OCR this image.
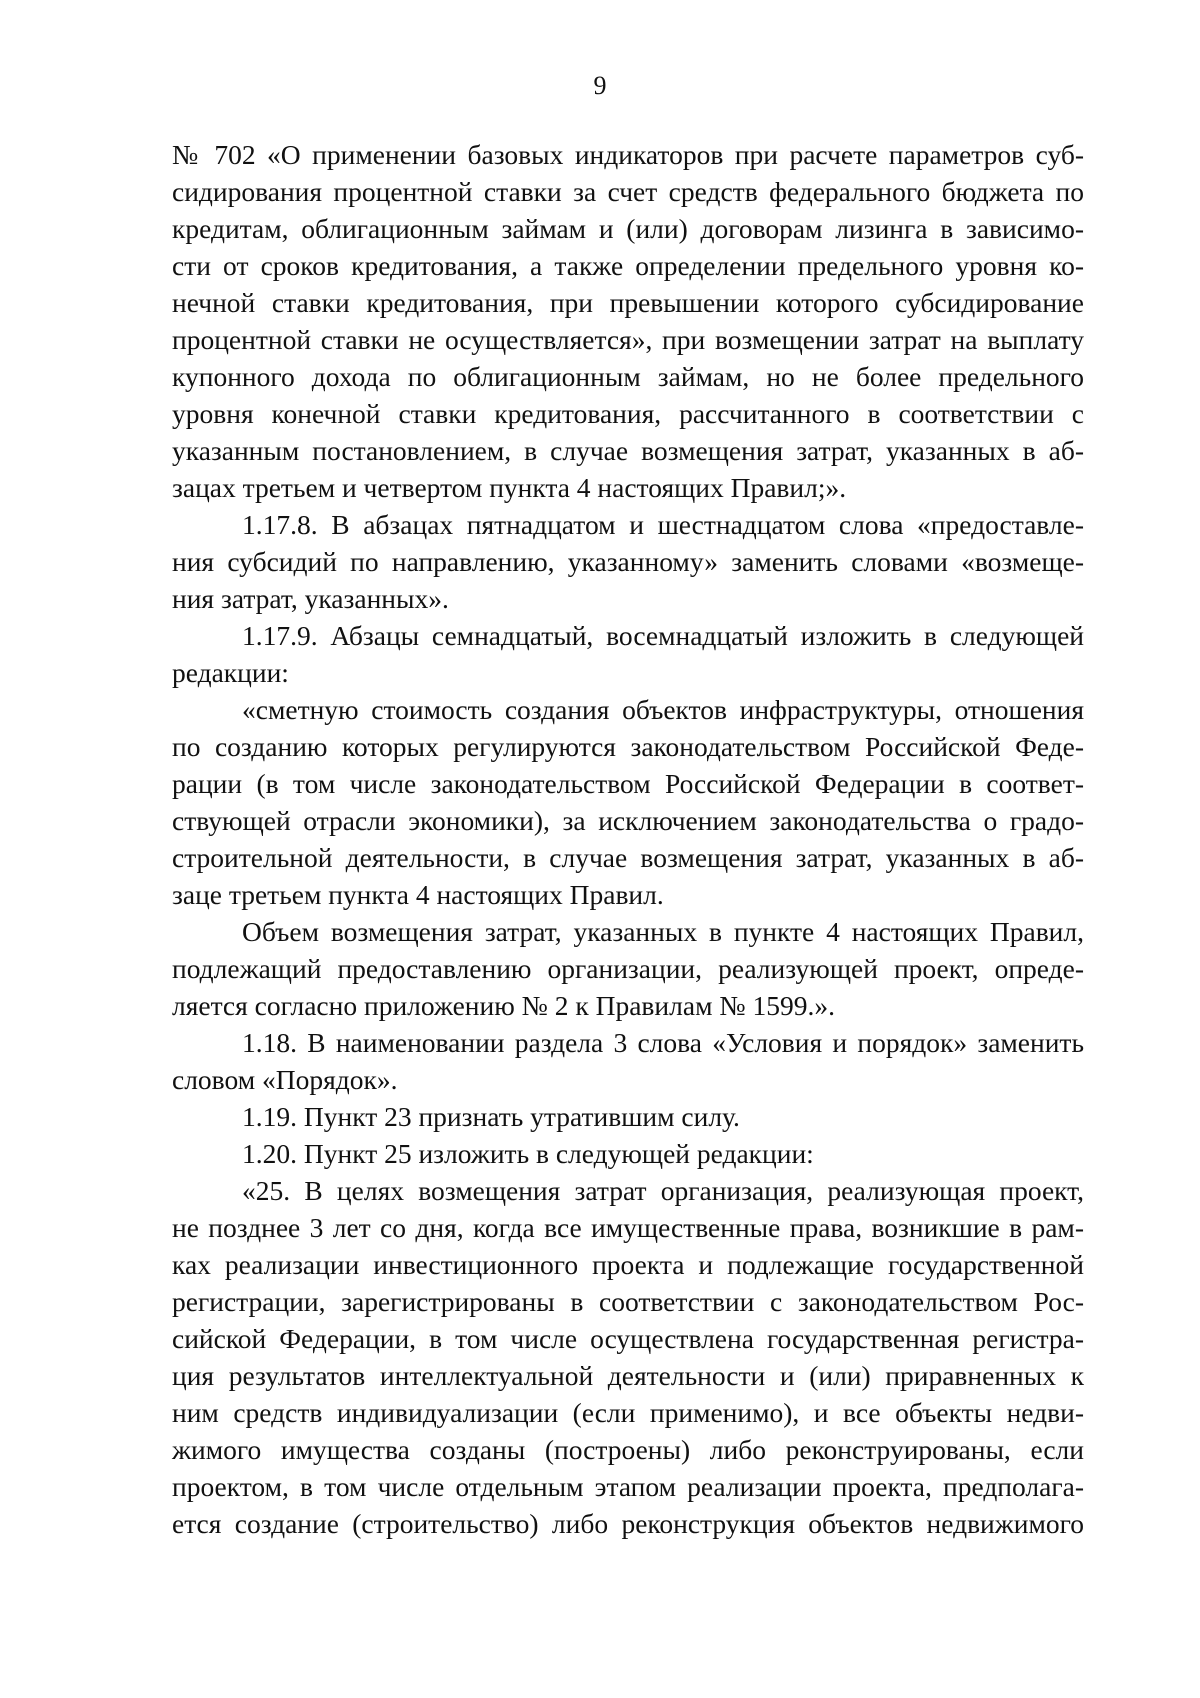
9
№ 702 «О применении базовых индикаторов при расчете параметров суб-
сидирования процентной ставки за счет средств федерального бюджета по
кредитам, облигационным займам и (или) договорам лизинга в зависимо-
сти от сроков кредитования, а также определении предельного уровня ко-
нечной ставки кредитования, при превышении которого субсидирование
процентной ставки не осуществляется», при возмещении затрат на выплату
купонного дохода по облигационным займам, но не более предельного
уровня конечной ставки кредитования, рассчитанного в соответствии с
указанным постановлением, в случае возмещения затрат, указанных в аб-
зацах третьем и четвертом пункта 4 настоящих Правил;».
1.17.8. В абзацах пятнадцатом и шестнадцатом слова «предоставле-
ния субсидий по направлению, указанному» заменить словами «возмеще-
ния затрат, указанных».
1.17.9. Абзацы семнадцатый, восемнадцатый изложить в следующей
редакции:
«сметную стоимость создания объектов инфраструктуры, отношения
по созданию которых регулируются законодательством Российской Феде-
рации (в том числе законодательством Российской Федерации в соответ-
ствующей отрасли экономики), за исключением законодательства о градо-
строительной деятельности, в случае возмещения затрат, указанных в аб-
заце третьем пункта 4 настоящих Правил.
Объем возмещения затрат, указанных в пункте 4 настоящих Правил,
подлежащий предоставлению организации, реализующей проект, опреде-
ляется согласно приложению № 2 к Правилам № 1599.».
1.18. В наименовании раздела 3 слова «Условия и порядок» заменить
словом «Порядок».
1.19. Пункт 23 признать утратившим силу.
1.20. Пункт 25 изложить в следующей редакции:
«25. В целях возмещения затрат организация, реализующая проект,
не позднее 3 лет со дня, когда все имущественные права, возникшие в рам-
ках реализации инвестиционного проекта и подлежащие государственной
регистрации, зарегистрированы в соответствии с законодательством Рос-
сийской Федерации, в том числе осуществлена государственная регистра-
ция результатов интеллектуальной деятельности и (или) приравненных к
ним средств индивидуализации (если применимо), и все объекты недви-
жимого имущества созданы (построены) либо реконструированы, если
проектом, в том числе отдельным этапом реализации проекта, предполага-
ется создание (строительство) либо реконструкция объектов недвижимого
